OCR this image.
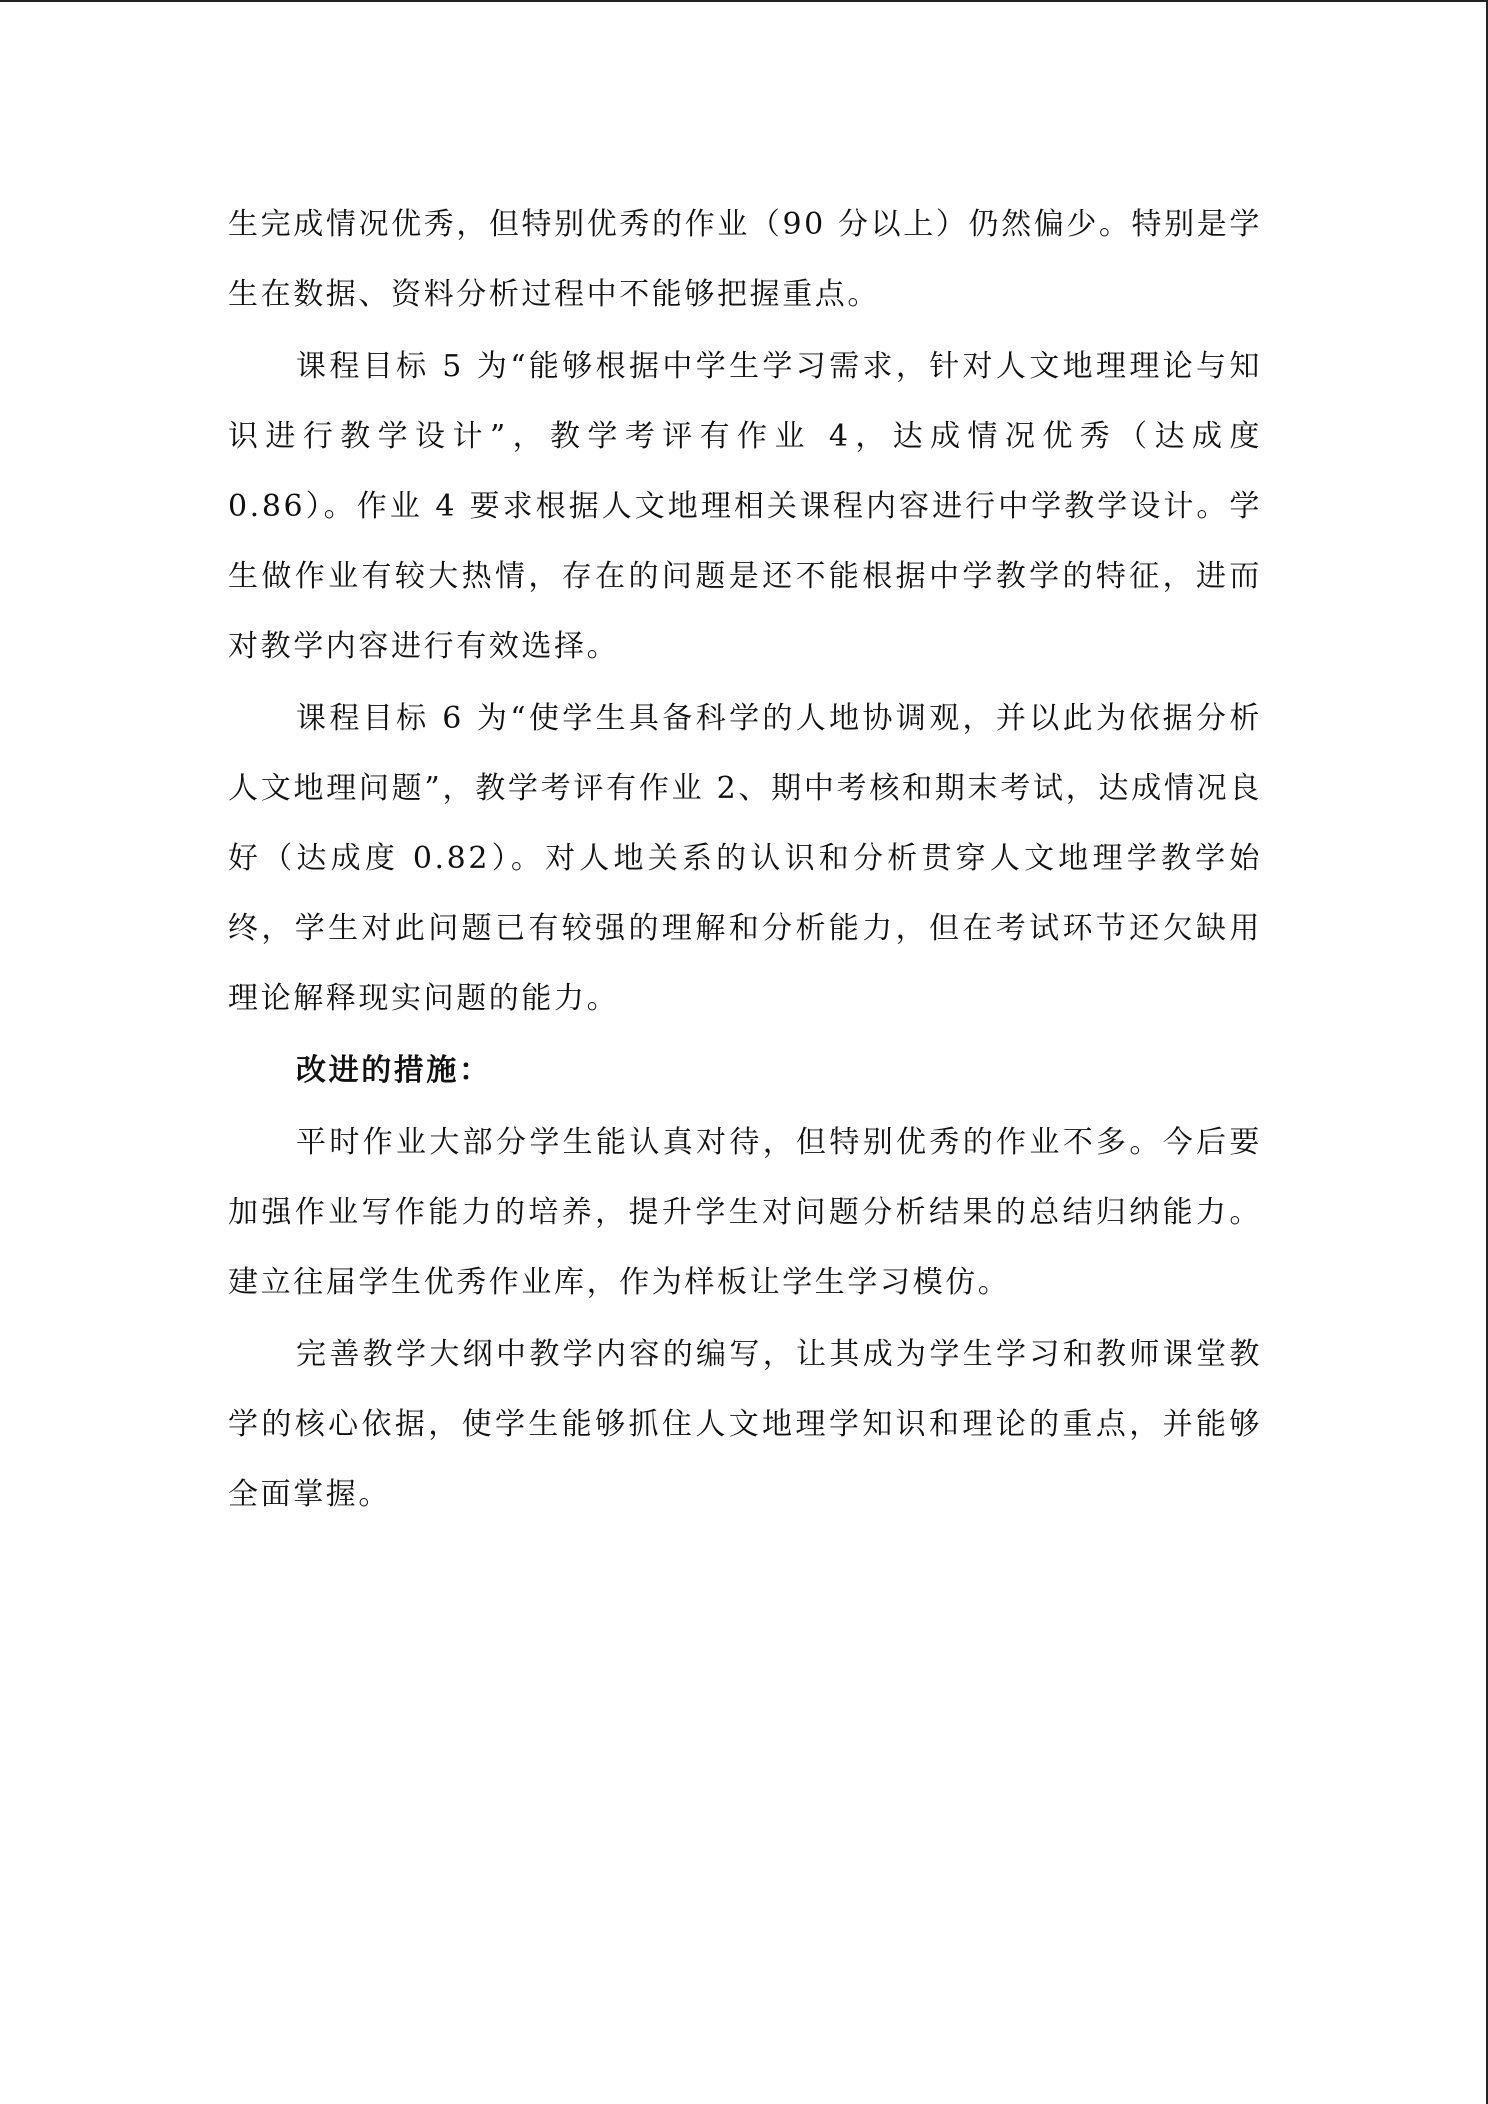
生完成情况优秀，但特别优秀的作业（90 分以上）仍然偏少。特别是学生在数据、资料分析过程中不能够把握重点。

课程目标 5 为“能够根据中学生学习需求，针对人文地理理论与知识进行教学设计”，教学考评有作业 4，达成情况优秀（达成度 0.86）。作业 4 要求根据人文地理相关课程内容进行中学教学设计。学生做作业有较大热情，存在的问题是还不能根据中学教学的特征，进而对教学内容进行有效选择。

课程目标 6 为“使学生具备科学的人地协调观，并以此为依据分析人文地理问题”，教学考评有作业 2、期中考核和期末考试，达成情况良好（达成度 0.82）。对人地关系的认识和分析贯穿人文地理学教学始终，学生对此问题已有较强的理解和分析能力，但在考试环节还欠缺用理论解释现实问题的能力。

改进的措施：

平时作业大部分学生能认真对待，但特别优秀的作业不多。今后要加强作业写作能力的培养，提升学生对问题分析结果的总结归纳能力。建立往届学生优秀作业库，作为样板让学生学习模仿。

完善教学大纲中教学内容的编写，让其成为学生学习和教师课堂教学的核心依据，使学生能够抓住人文地理学知识和理论的重点，并能够全面掌握。
